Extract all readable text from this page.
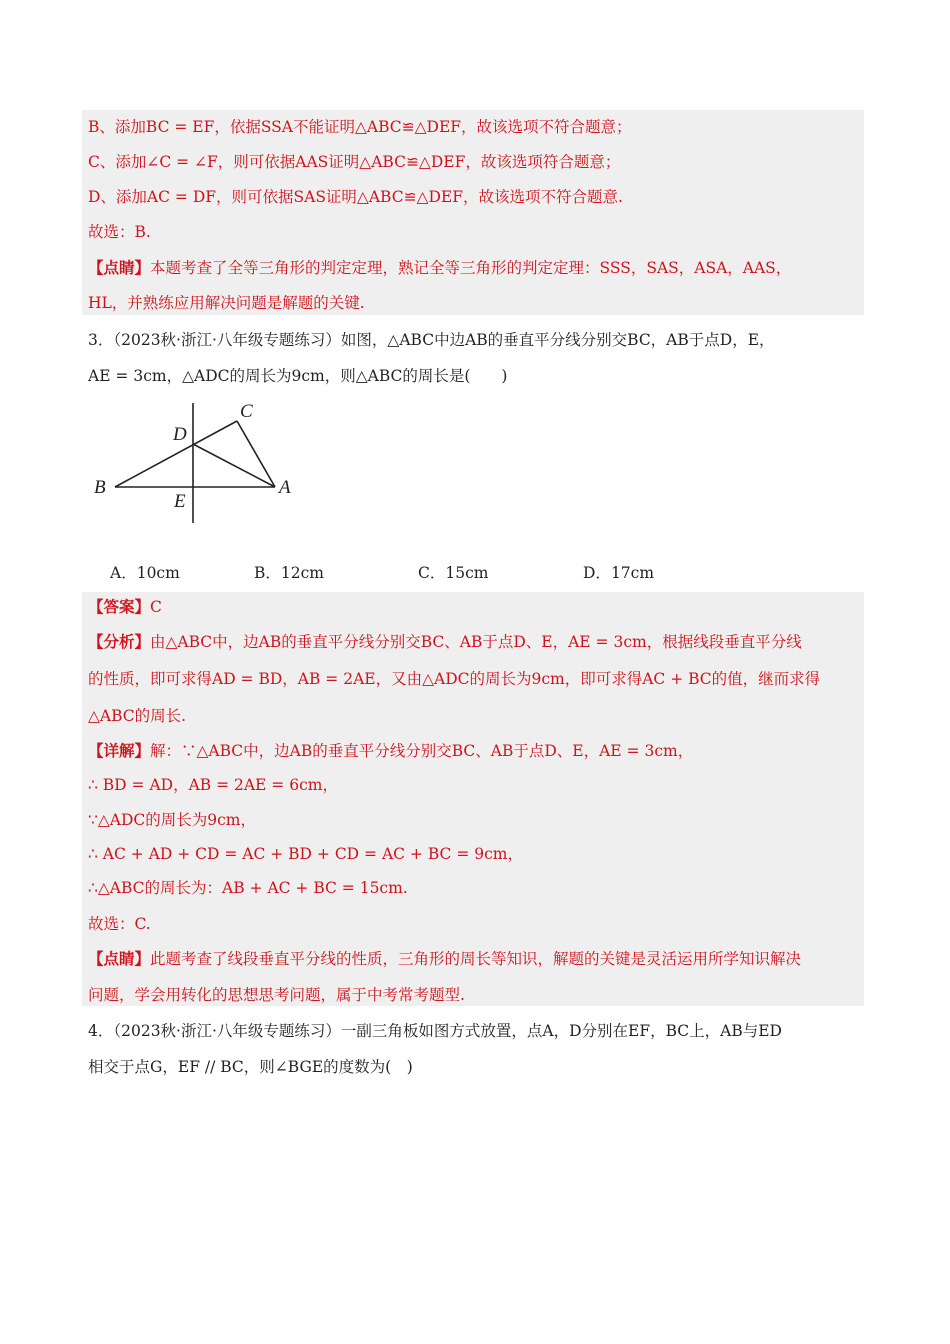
B、添加BC = EF，依据SSA不能证明△ABC≌△DEF，故该选项不符合题意；
C、添加∠C = ∠F，则可依据AAS证明△ABC≌△DEF，故该选项符合题意；
D、添加AC = DF，则可依据SAS证明△ABC≌△DEF，故该选项不符合题意.
故选：B.
【点睛】本题考查了全等三角形的判定定理，熟记全等三角形的判定定理：SSS，SAS，ASA，AAS，
HL，并熟练应用解决问题是解题的关键.
3．（2023秋·浙江·八年级专题练习）如图，△ABC中边AB的垂直平分线分别交BC，AB于点D，E，
AE = 3cm，△ADC的周长为9cm，则△ABC的周长是(　　)
C
D
B
E
A
A．10cm	B．12cm	C．15cm	D．17cm
【答案】C
【分析】由△ABC中，边AB的垂直平分线分别交BC、AB于点D、E，AE = 3cm，根据线段垂直平分线
的性质，即可求得AD = BD，AB = 2AE，又由△ADC的周长为9cm，即可求得AC + BC的值，继而求得
△ABC的周长.
【详解】解：∵△ABC中，边AB的垂直平分线分别交BC、AB于点D、E，AE = 3cm，
∴ BD = AD，AB = 2AE = 6cm，
∵△ADC的周长为9cm，
∴ AC + AD + CD = AC + BD + CD = AC + BC = 9cm，
∴△ABC的周长为：AB + AC + BC = 15cm.
故选：C.
【点睛】此题考查了线段垂直平分线的性质，三角形的周长等知识，解题的关键是灵活运用所学知识解决
问题，学会用转化的思想思考问题，属于中考常考题型.
4．（2023秋·浙江·八年级专题练习）一副三角板如图方式放置，点A，D分别在EF，BC上，AB与ED
相交于点G，EF // BC，则∠BGE的度数为(　)
